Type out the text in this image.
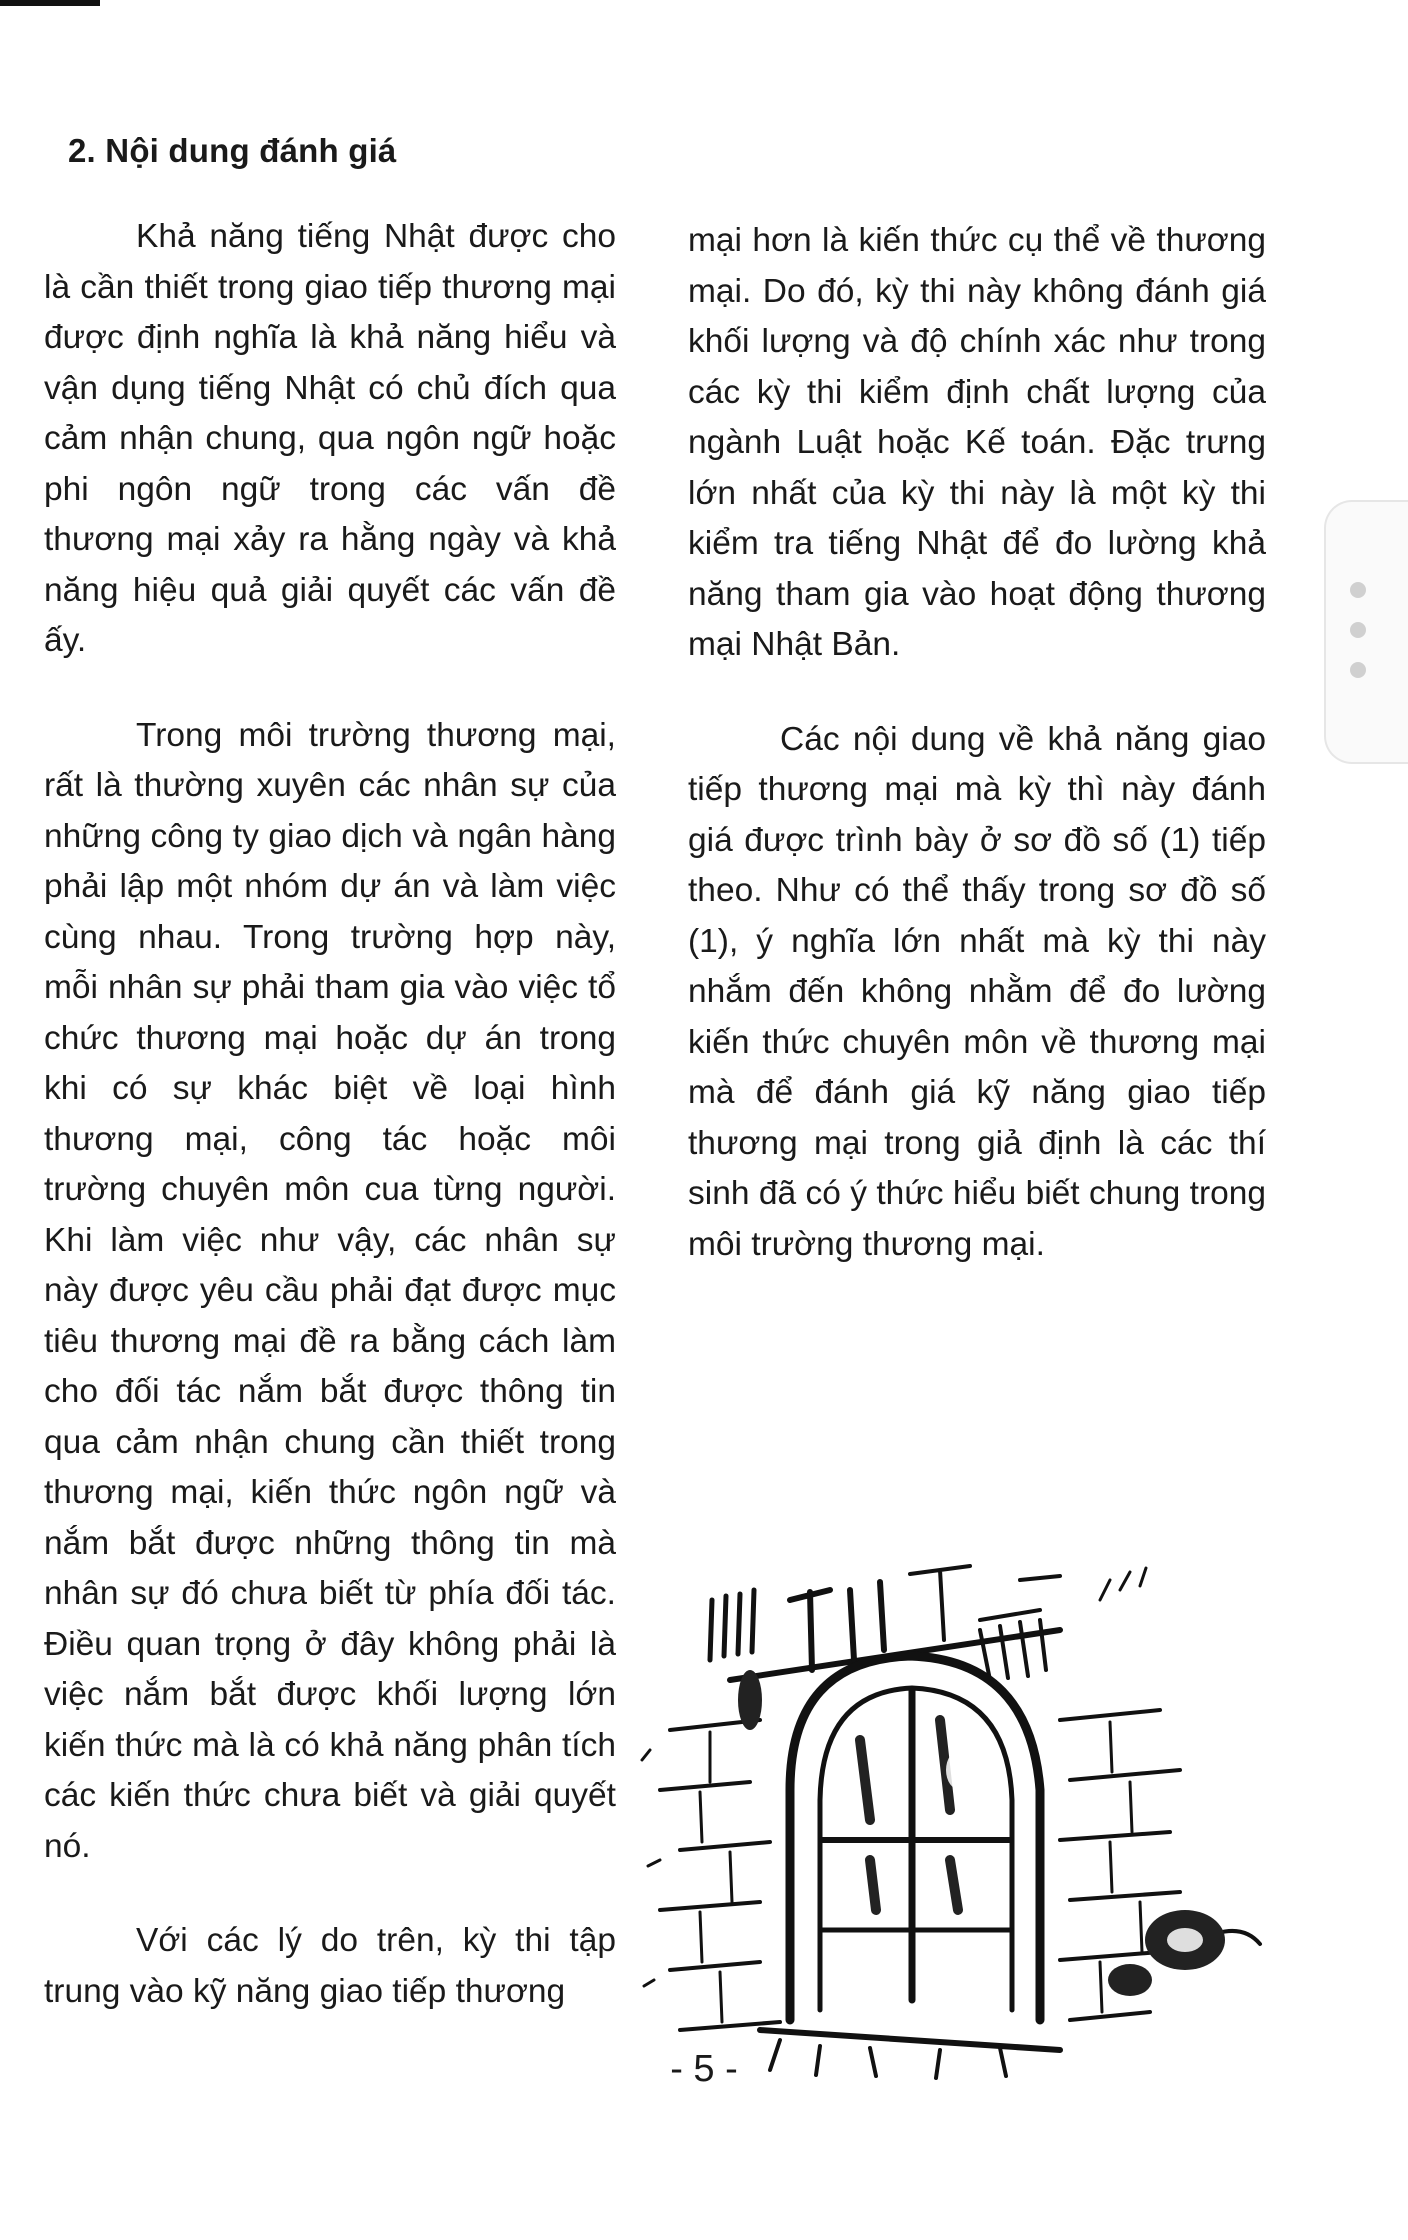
2. Nội dung đánh giá

Khả năng tiếng Nhật được cho là cần thiết trong giao tiếp thương mại được định nghĩa là khả năng hiểu và vận dụng tiếng Nhật có chủ đích qua cảm nhận chung, qua ngôn ngữ hoặc phi ngôn ngữ trong các vấn đề thương mại xảy ra hằng ngày và khả năng hiệu quả giải quyết các vấn đề ấy.

Trong môi trường thương mại, rất là thường xuyên các nhân sự của những công ty giao dịch và ngân hàng phải lập một nhóm dự án và làm việc cùng nhau. Trong trường hợp này, mỗi nhân sự phải tham gia vào việc tổ chức thương mại hoặc dự án trong khi có sự khác biệt về loại hình thương mại, công tác hoặc môi trường chuyên môn cua từng người. Khi làm việc như vậy, các nhân sự này được yêu cầu phải đạt được mục tiêu thương mại đề ra bằng cách làm cho đối tác nắm bắt được thông tin qua cảm nhận chung cần thiết trong thương mại, kiến thức ngôn ngữ và nắm bắt được những thông tin mà nhân sự đó chưa biết từ phía đối tác. Điều quan trọng ở đây không phải là việc nắm bắt được khối lượng lớn kiến thức mà là có khả năng phân tích các kiến thức chưa biết và giải quyết nó.

Với các lý do trên, kỳ thi tập trung vào kỹ năng giao tiếp thương

mại hơn là kiến thức cụ thể về thương mại. Do đó, kỳ thi này không đánh giá khối lượng và độ chính xác như trong các kỳ thi kiểm định chất lượng của ngành Luật hoặc Kế toán. Đặc trưng lớn nhất của kỳ thi này là một kỳ thi kiểm tra tiếng Nhật để đo lường khả năng tham gia vào hoạt động thương mại Nhật Bản.

Các nội dung về khả năng giao tiếp thương mại mà kỳ thì này đánh giá được trình bày ở sơ đồ số (1) tiếp theo. Như có thể thấy trong sơ đồ số (1), ý nghĩa lớn nhất mà kỳ thi này nhắm đến không nhằm để đo lường kiến thức chuyên môn về thương mại mà để đánh giá kỹ năng giao tiếp thương mại trong giả định là các thí sinh đã có ý thức hiểu biết chung trong môi trường thương mại.

- 5 -
